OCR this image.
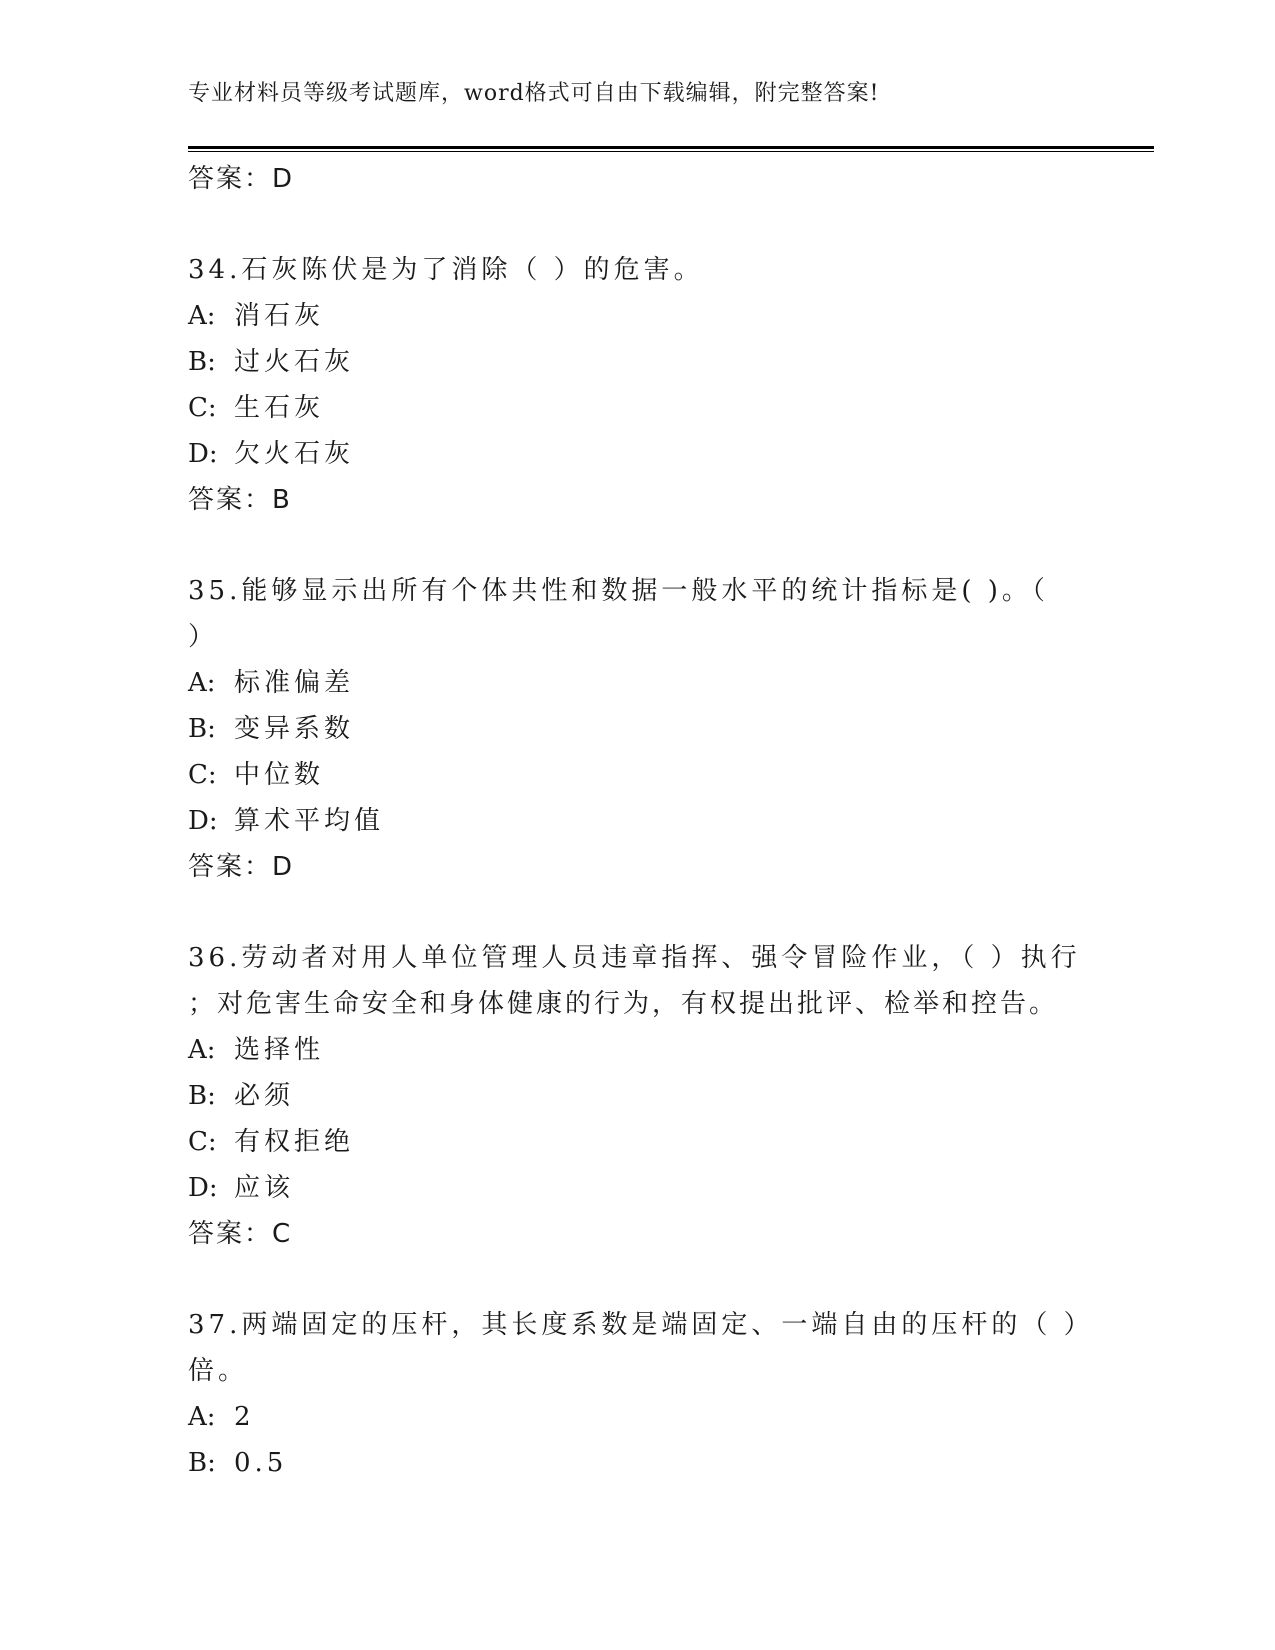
专业材料员等级考试题库，word格式可自由下载编辑，附完整答案!
答案：D
34.石灰陈伏是为了消除（ ）的危害。
A: 消石灰
B: 过火石灰
C: 生石灰
D: 欠火石灰
答案：B
35.能够显示出所有个体共性和数据一般水平的统计指标是( )。（
）
A: 标准偏差
B: 变异系数
C: 中位数
D: 算术平均值
答案：D
36.劳动者对用人单位管理人员违章指挥、强令冒险作业，（ ）执行
；对危害生命安全和身体健康的行为，有权提出批评、检举和控告。
A: 选择性
B: 必须
C: 有权拒绝
D: 应该
答案：C
37.两端固定的压杆，其长度系数是端固定、一端自由的压杆的（ ）
倍。
A: 2
B: 0.5
